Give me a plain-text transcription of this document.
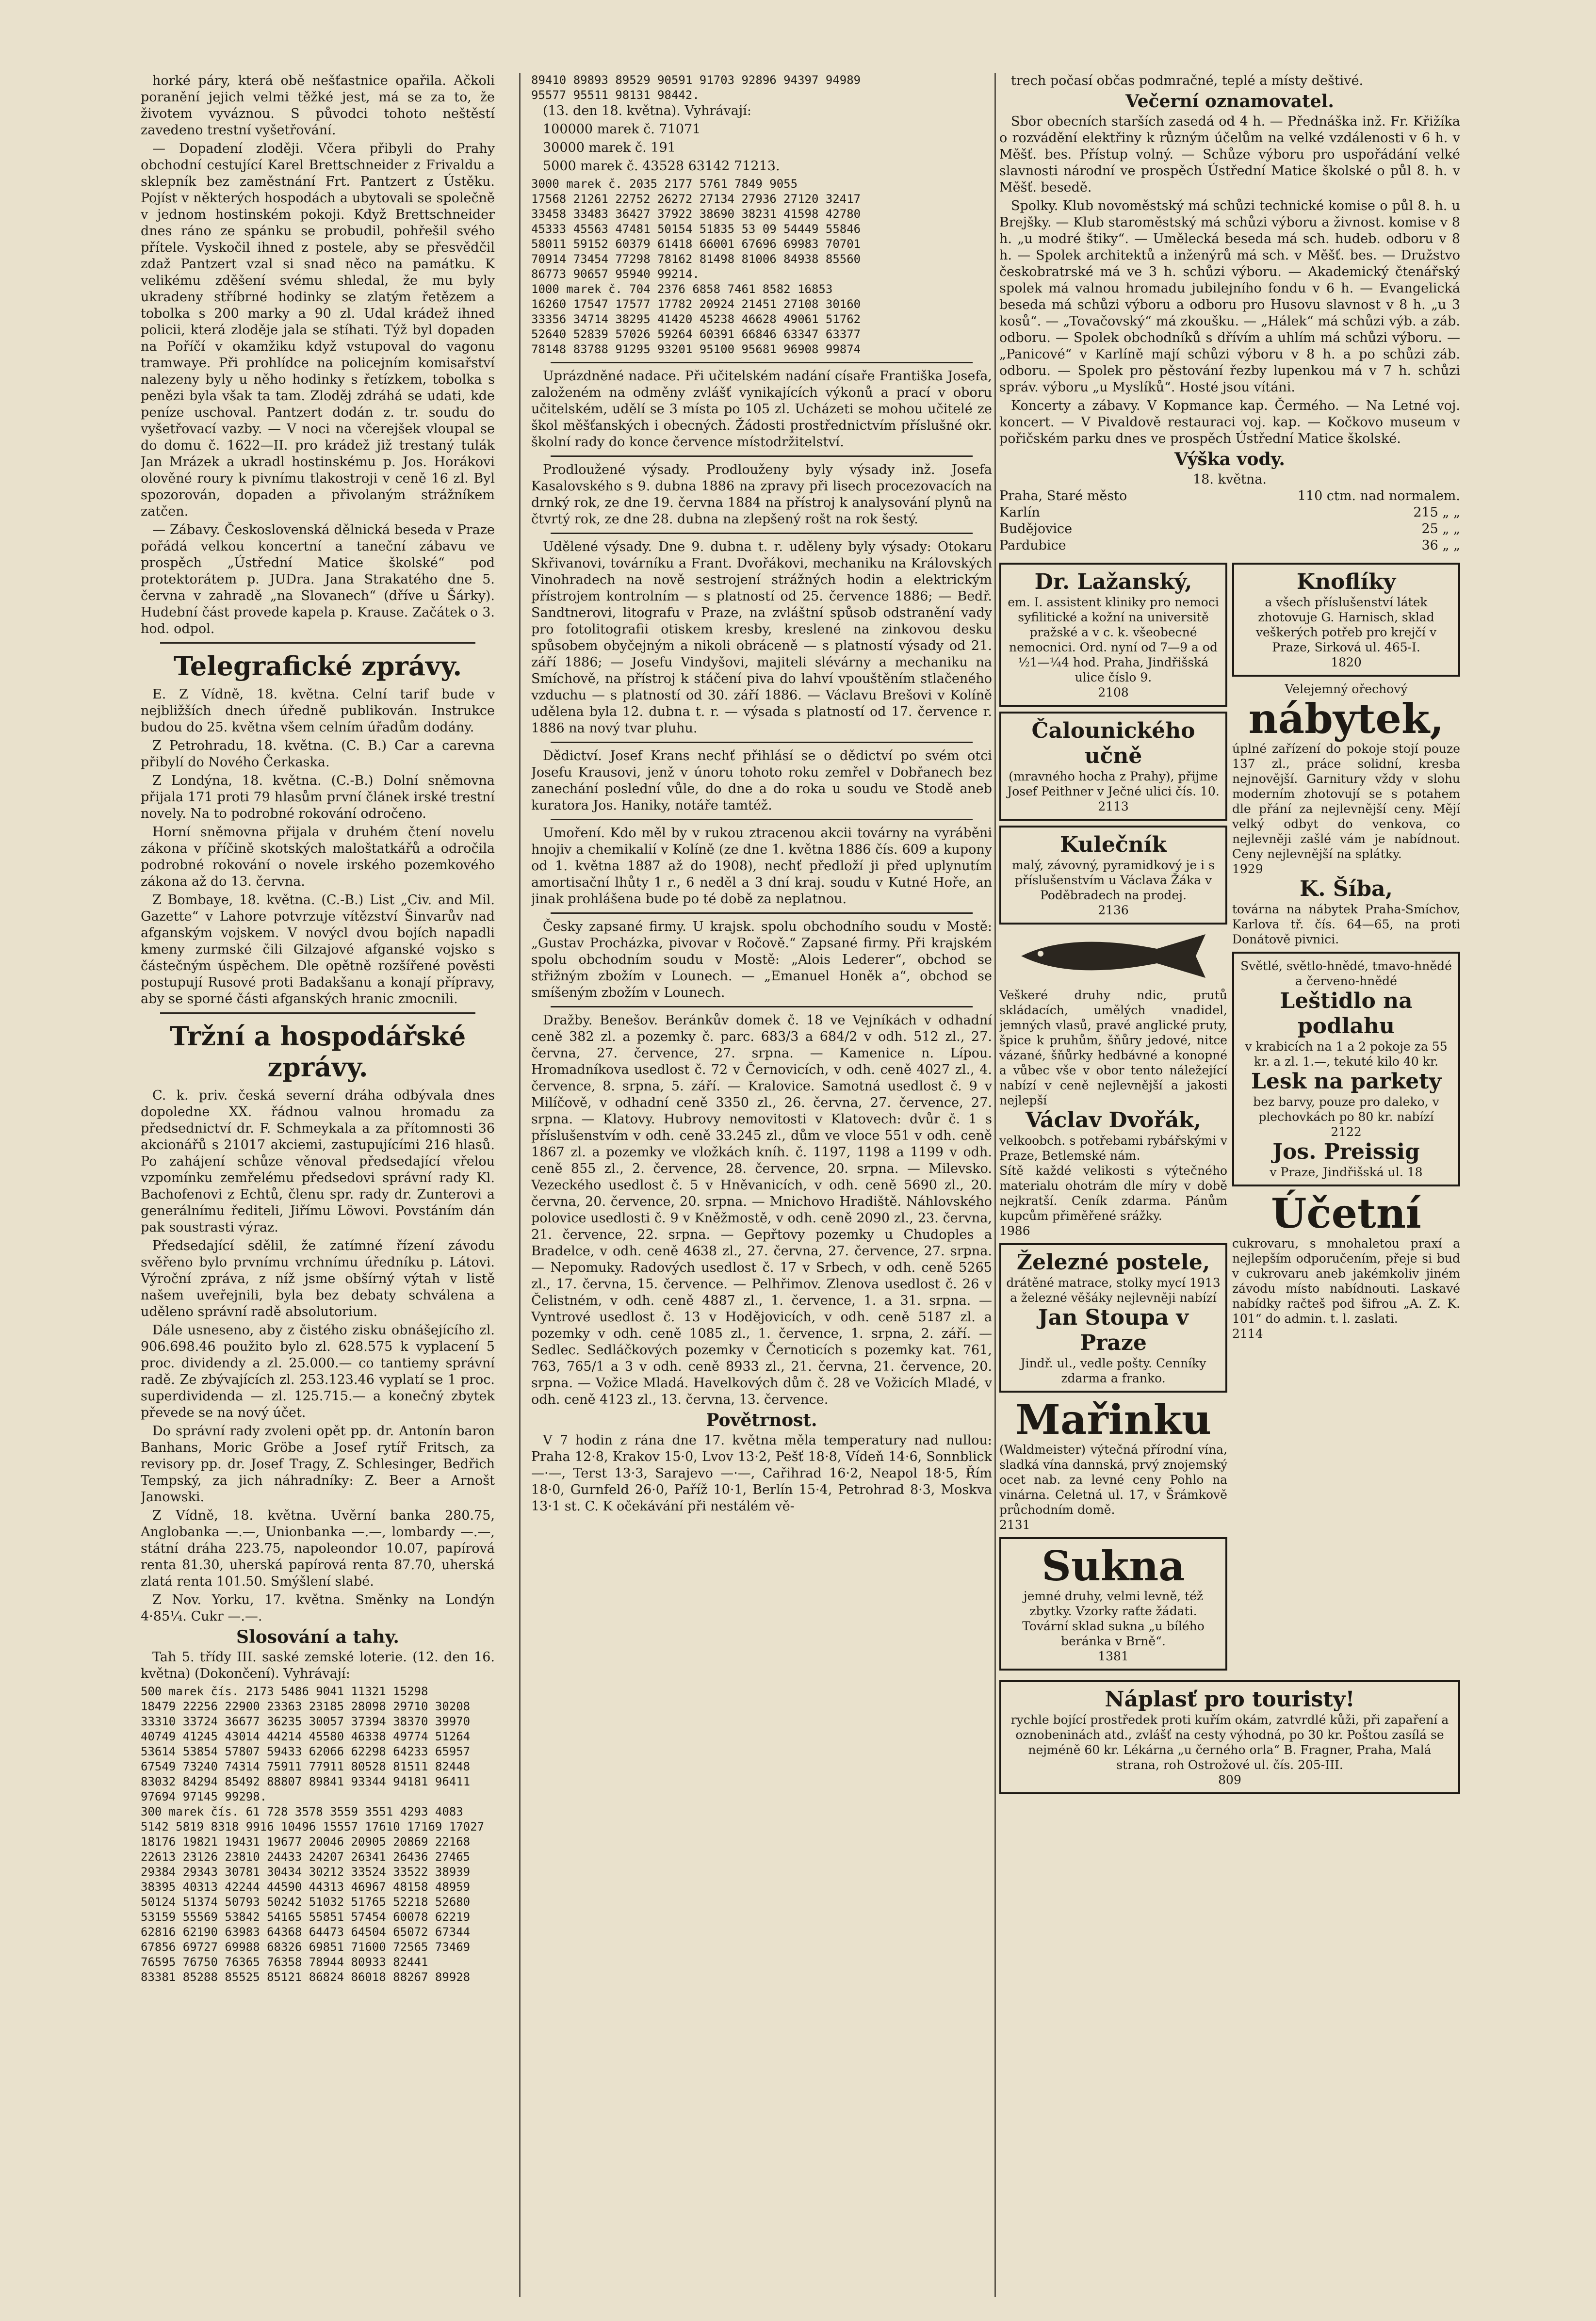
horké páry, která obě nešťastnice opařila. Ačkoli poranění jejich velmi těžké jest, má se za to, že životem vyváznou. S původci tohoto neštěstí zavedeno trestní vyšetřování.

— Dopadení zloději. Včera přibyli do Prahy obchodní cestující Karel Brettschneider z Frivaldu a sklepník bez zaměstnání Frt. Pantzert z Ústěku. Pojíst v některých hospodách a ubytovali se společně v jednom hostinském pokoji. Když Brettschneider dnes ráno ze spánku se probudil, pohřešil svého přítele. Vyskočil ihned z postele, aby se přesvědčil zdaž Pantzert vzal si snad něco na památku. K velikému zděšení svému shledal, že mu byly ukradeny stříbrné hodinky se zlatým řetězem a tobolka s 200 marky a 90 zl. Udal krádež ihned policii, která zloděje jala se stíhati. Týž byl dopaden na Poříčí v okamžiku když vstupoval do vagonu tramwaye. Při prohlídce na policejním komisařství nalezeny byly u něho hodinky s řetízkem, tobolka s penězi byla však ta tam. Zloděj zdráhá se udati, kde peníze uschoval. Pantzert dodán z. tr. soudu do vyšetřovací vazby. — V noci na včerejšek vloupal se do domu č. 1622—II. pro krádež již trestaný tulák Jan Mrázek a ukradl hostinskému p. Jos. Horákovi olověné roury k pivnímu tlakostroji v ceně 16 zl. Byl spozorován, dopaden a přivolaným strážníkem zatčen.

— Zábavy. Československá dělnická beseda v Praze pořádá velkou koncertní a taneční zábavu ve prospěch „Ústřední Matice školské“ pod protektorátem p. JUDra. Jana Strakatého dne 5. června v zahradě „na Slovanech“ (dříve u Šárky). Hudební část provede kapela p. Krause. Začátek o 3. hod. odpol.

Telegrafické zprávy.

E. Z Vídně, 18. května. Celní tarif bude v nejbližších dnech úředně publikován. Instrukce budou do 25. května všem celním úřadům dodány.

Z Petrohradu, 18. května. (C. B.) Car a carevna přibylí do Nového Čerkaska.

Z Londýna, 18. května. (C.-B.) Dolní sněmovna přijala 171 proti 79 hlasům první článek irské trestní novely. Na to podrobné rokování odročeno.

Horní sněmovna přijala v druhém čtení novelu zákona v příčině skotských maloštatkářů a odročila podrobné rokování o novele irského pozemkového zákona až do 13. června.

Z Bombaye, 18. května. (C.-B.) List „Civ. and Mil. Gazette“ v Lahore potvrzuje vítězství Šinvarův nad afganským vojskem. V novýcl dvou bojích napadli kmeny zurmské čili Gilzajové afganské vojsko s částečným úspěchem. Dle opětně rozšířené pověsti postupují Rusové proti Badakšanu a konají přípravy, aby se sporné části afganských hranic zmocnili.

Tržní a hospodářské zprávy.

C. k. priv. česká severní dráha odbývala dnes dopoledne XX. řádnou valnou hromadu za předsednictví dr. F. Schmeykala a za přítomnosti 36 akcionářů s 21017 akciemi, zastupujícími 216 hlasů. Po zahájení schůze věnoval předsedající vřelou vzpomínku zemřelému předsedovi správní rady Kl. Bachofenovi z Echtů, členu spr. rady dr. Zunterovi a generálnímu řediteli, Jiřímu Löwovi. Povstáním dán pak soustrasti výraz.

Předsedající sdělil, že zatímné řízení závodu svěřeno bylo prvnímu vrchnímu úředníku p. Látovi. Výroční zpráva, z níž jsme obšírný výtah v listě našem uveřejnili, byla bez debaty schválena a uděleno správní radě absolutorium.

Dále usneseno, aby z čistého zisku obnášejícího zl. 906.698.46 použito bylo zl. 628.575 k vyplacení 5 proc. dividendy a zl. 25.000.— co tantiemy správní radě. Ze zbývajících zl. 253.123.46 vyplatí se 1 proc. superdividenda — zl. 125.715.— a konečný zbytek převede se na nový účet.

Do správní rady zvoleni opět pp. dr. Antonín baron Banhans, Moric Gröbe a Josef rytíř Fritsch, za revisory pp. dr. Josef Tragy, Z. Schlesinger, Bedřich Tempský, za jich náhradníky: Z. Beer a Arnošt Janowski.

Z Vídně, 18. května. Uvěrní banka 280.75, Anglobanka —.—, Unionbanka —.—, lombardy —.—, státní dráha 223.75, napoleondor 10.07, papírová renta 81.30, uherská papírová renta 87.70, uherská zlatá renta 101.50. Smýšlení slabé.

Z Nov. Yorku, 17. května. Směnky na Londýn 4·85¼. Cukr —.—.

Slosování a tahy.

Tah 5. třídy III. saské zemské loterie. (12. den 16. května) (Dokončení). Vyhrávají:

500 marek čís. 2173 5486 9041 11321 15298
18479 22256 22900 23363 23185 28098 29710 30208
33310 33724 36677 36235 30057 37394 38370 39970
40749 41245 43014 44214 45580 46338 49774 51264
53614 53854 57807 59433 62066 62298 64233 65957
67549 73240 74314 75911 77911 80528 81511 82448
83032 84294 85492 88807 89841 93344 94181 96411
97694 97145 99298.
300 marek čís. 61 728 3578 3559 3551 4293 4083
5142 5819 8318 9916 10496 15557 17610 17169 17027
18176 19821 19431 19677 20046 20905 20869 22168
22613 23126 23810 24433 24207 26341 26436 27465
29384 29343 30781 30434 30212 33524 33522 38939
38395 40313 42244 44590 44313 46967 48158 48959
50124 51374 50793 50242 51032 51765 52218 52680
53159 55569 53842 54165 55851 57454 60078 62219
62816 62190 63983 64368 64473 64504 65072 67344
67856 69727 69988 68326 69851 71600 72565 73469
76595 76750 76365 76358 78944 80933 82441
83381 85288 85525 85121 86824 86018 88267 89928
89410 89893 89529 90591 91703 92896 94397 94989
95577 95511 98131 98442.

(13. den 18. května). Vyhrávají:

100000 marek č. 71071

30000 marek č. 191

5000 marek č. 43528 63142 71213.

3000 marek č. 2035 2177 5761 7849 9055
17568 21261 22752 26272 27134 27936 27120 32417
33458 33483 36427 37922 38690 38231 41598 42780
45333 45563 47481 50154 51835 53 09 54449 55846
58011 59152 60379 61418 66001 67696 69983 70701
70914 73454 77298 78162 81498 81006 84938 85560
86773 90657 95940 99214.
1000 marek č. 704 2376 6858 7461 8582 16853
16260 17547 17577 17782 20924 21451 27108 30160
33356 34714 38295 41420 45238 46628 49061 51762
52640 52839 57026 59264 60391 66846 63347 63377
78148 83788 91295 93201 95100 95681 96908 99874

Uprázdněné nadace. Při učitelském nadání císaře Františka Josefa, založeném na odměny zvlášť vynikajících výkonů a prací v oboru učitelském, udělí se 3 místa po 105 zl. Ucházeti se mohou učitelé ze škol měšťanských i obecných. Žádosti prostřednictvím příslušné okr. školní rady do konce července místodržitelství.

Prodloužené výsady. Prodlouženy byly výsady inž. Josefa Kasalovského s 9. dubna 1886 na zpravy při lisech procezovacích na drnký rok, ze dne 19. června 1884 na přístroj k analysování plynů na čtvrtý rok, ze dne 28. dubna na zlepšený rošt na rok šestý.

Udělené výsady. Dne 9. dubna t. r. uděleny byly výsady: Otokaru Skřivanovi, továrníku a Frant. Dvořákovi, mechaniku na Královských Vinohradech na nově sestrojení strážných hodin a elektrickým přístrojem kontrolním — s platností od 25. července 1886; — Bedř. Sandtnerovi, litografu v Praze, na zvláštní spůsob odstranění vady pro fotolitografii otiskem kresby, kreslené na zinkovou desku spůsobem obyčejným a nikoli obráceně — s platností výsady od 21. září 1886; — Josefu Vindyšovi, majiteli slévárny a mechaniku na Smíchově, na přístroj k stáčení piva do lahví vpouštěním stlačeného vzduchu — s platností od 30. září 1886. — Václavu Brešovi v Kolíně udělena byla 12. dubna t. r. — výsada s platností od 17. července r. 1886 na nový tvar pluhu.

Dědictví. Josef Krans nechť přihlásí se o dědictví po svém otci Josefu Krausovi, jenž v únoru tohoto roku zemřel v Dobřanech bez zanechání poslední vůle, do dne a do roka u soudu ve Stodě aneb kuratora Jos. Haniky, notáře tamtéž.

Umoření. Kdo měl by v rukou ztracenou akcii továrny na vyráběni hnojiv a chemikalií v Kolíně (ze dne 1. května 1886 čís. 609 a kupony od 1. května 1887 až do 1908), nechť předloží ji před uplynutím amortisační lhůty 1 r., 6 neděl a 3 dní kraj. soudu v Kutné Hoře, an jinak prohlášena bude po té době za neplatnou.

Česky zapsané firmy. U krajsk. spolu obchodního soudu v Mostě: „Gustav Procházka, pivovar v Ročově.“ Zapsané firmy. Při krajském spolu obchodním soudu v Mostě: „Alois Lederer“, obchod se střižným zbožím v Lounech. — „Emanuel Honěk a“, obchod se smíšeným zbožím v Lounech.

Dražby. Benešov. Beránkův domek č. 18 ve Vejníkách v odhadní ceně 382 zl. a pozemky č. parc. 683/3 a 684/2 v odh. 512 zl., 27. června, 27. července, 27. srpna. — Kamenice n. Lípou. Hromadníkova usedlost č. 72 v Černovicích, v odh. ceně 4027 zl., 4. července, 8. srpna, 5. září. — Kralovice. Samotná usedlost č. 9 v Milíčově, v odhadní ceně 3350 zl., 26. června, 27. července, 27. srpna. — Klatovy. Hubrovy nemovitosti v Klatovech: dvůr č. 1 s příslušenstvím v odh. ceně 33.245 zl., dům ve vloce 551 v odh. ceně 1867 zl. a pozemky ve vložkách kníh. č. 1197, 1198 a 1199 v odh. ceně 855 zl., 2. července, 28. července, 20. srpna. — Milevsko. Vezeckého usedlost č. 5 v Hněvanicích, v odh. ceně 5690 zl., 20. června, 20. července, 20. srpna. — Mnichovo Hradiště. Náhlovského polovice usedlosti č. 9 v Kněžmostě, v odh. ceně 2090 zl., 23. června, 21. července, 22. srpna. — Gepřtovy pozemky u Chudoples a Bradelce, v odh. ceně 4638 zl., 27. června, 27. července, 27. srpna. — Nepomuky. Radových usedlost č. 17 v Srbech, v odh. ceně 5265 zl., 17. června, 15. července. — Pelhřimov. Zlenova usedlost č. 26 v Čelistném, v odh. ceně 4887 zl., 1. července, 1. a 31. srpna. — Vyntrové usedlost č. 13 v Hodějovicích, v odh. ceně 5187 zl. a pozemky v odh. ceně 1085 zl., 1. července, 1. srpna, 2. září. — Sedlec. Sedláčkových pozemky v Černoticích s pozemky kat. 761, 763, 765/1 a 3 v odh. ceně 8933 zl., 21. června, 21. července, 20. srpna. — Vožice Mladá. Havelkových dům č. 28 ve Vožicích Mladé, v odh. ceně 4123 zl., 13. června, 13. července.

Povětrnost.

V 7 hodin z rána dne 17. května měla temperatury nad nullou: Praha 12·8, Krakov 15·0, Lvov 13·2, Pešť 18·8, Vídeň 14·6, Sonnblick —·—, Terst 13·3, Sarajevo —·—, Cařihrad 16·2, Neapol 18·5, Řím 18·0, Gurnfeld 26·0, Paříž 10·1, Berlín 15·4, Petrohrad 8·3, Moskva 13·1 st. C. K očekávání při nestálém vě-

trech počasí občas podmračné, teplé a místy deštivé.

Večerní oznamovatel.

Sbor obecních starších zasedá od 4 h. — Přednáška inž. Fr. Křižíka o rozvádění elektřiny k různým účelům na velké vzdálenosti v 6 h. v Měšť. bes. Přístup volný. — Schůze výboru pro uspořádání velké slavnosti národní ve prospěch Ústřední Matice školské o půl 8. h. v Měšť. besedě.

Spolky. Klub novoměstský má schůzi technické komise o půl 8. h. u Brejšky. — Klub staroměstský má schůzi výboru a živnost. komise v 8 h. „u modré štiky“. — Umělecká beseda má sch. hudeb. odboru v 8 h. — Spolek architektů a inženýrů má sch. v Měšť. bes. — Družstvo českobratrské má ve 3 h. schůzi výboru. — Akademický čtenářský spolek má valnou hromadu jubilejního fondu v 6 h. — Evangelická beseda má schůzi výboru a odboru pro Husovu slavnost v 8 h. „u 3 kosů“. — „Tovačovský“ má zkoušku. — „Hálek“ má schůzi výb. a záb. odboru. — Spolek obchodníků s dřívím a uhlím má schůzi výboru. — „Panicové“ v Karlíně mají schůzi výboru v 8 h. a po schůzi záb. odboru. — Spolek pro pěstování řezby lupenkou má v 7 h. schůzi správ. výboru „u Myslíků“. Hosté jsou vítáni.

Koncerty a zábavy. V Kopmance kap. Čermého. — Na Letné voj. koncert. — V Pivaldově restauraci voj. kap. — Kočkovo museum v pořičském parku dnes ve prospěch Ústřední Matice školské.

Výška vody.
18. května.
Praha, Staré město	110 ctm. nad normalem.
Karlín	215 „ „
Budějovice	25 „ „
Pardubice	36 „ „
Dr. Lažanský,
em. I. assistent kliniky pro nemoci syfilitické a kožní na universitě pražské a v c. k. všeobecné nemocnici. Ord. nyní od 7—9 a od ½1—¼4 hod. Praha, Jindřišská ulice číslo 9.
2108
Čalounického učně
(mravného hocha z Prahy), přijme Josef Peithner v Ječné ulici čís. 10.
2113
Kulečník
malý, závovný, pyramidkový je i s příslušenstvím u Václava Žáka v Poděbradech na prodej.
2136
Veškeré druhy ndic, prutů skládacích, umělých vnadidel, jemných vlasů, pravé anglické pruty, špice k pruhům, šňůry jedové, nitce vázané, šňůrky hedbávné a konopné a vůbec vše v obor tento náležející nabízí v ceně nejlevnější a jakosti nejlepší
Václav Dvořák,
velkoobch. s potřebami rybářskými v Praze, Betlemské nám.
Sítě každé velikosti s výtečného materialu ohotrám dle míry v době nejkratší. Ceník zdarma. Pánům kupcům přiměřené srážky.
1986
Železné postele,
drátěné matrace, stolky mycí 1913 a železné věšáky nejlevněji nabízí
Jan Stoupa v Praze
Jindř. ul., vedle pošty. Cenníky zdarma a franko.
Mařinku
(Waldmeister) výtečná přírodní vína, sladká vína dannská, prvý znojemský ocet nab. za levné ceny Pohlo na vinárna. Celetná ul. 17, v Šrámkově průchodním domě.
2131
Sukna
jemné druhy, velmi levně, též zbytky. Vzorky raťte žádati.
Tovární sklad sukna „u bílého beránka v Brně“.
1381
Knoflíky
a všech příslušenství látek zhotovuje G. Harnisch, sklad veškerých potřeb pro krejčí v Praze, Sirková ul. 465-I.
1820
Velejemný ořechový
nábytek,
úplné zařízení do pokoje stojí pouze 137 zl., práce solidní, kresba nejnovější. Garnitury vždy v slohu moderním zhotovují se s potahem dle přání za nejlevnější ceny. Mějí velký odbyt do venkova, co nejlevněji zašlé vám je nabídnout. Ceny nejlevnější na splátky.
1929
K. Šíba,
továrna na nábytek Praha-Smíchov, Karlova tř. čís. 64—65, na proti Donátově pivnici.
Světlé, světlo-hnědé, tmavo-hnědé a červeno-hnědé
Leštidlo na podlahu
v krabicích na 1 a 2 pokoje za 55 kr. a zl. 1.—, tekuté kilo 40 kr.
Lesk na parkety
bez barvy, pouze pro daleko, v plechovkách po 80 kr. nabízí
2122
Jos. Preissig
v Praze, Jindřišská ul. 18
Účetní
cukrovaru, s mnohaletou praxí a nejlepším odporučením, přeje si buď v cukrovaru aneb jakémkoliv jiném závodu místo nabídnouti. Laskavé nabídky račteš pod šifrou „A. Z. K. 101“ do admin. t. l. zaslati.
2114
Náplasť pro touristy!
rychle bojící prostředek proti kuřím okám, zatvrdlé kůži, při zapaření a oznobeninách atd., zvlášť na cesty výhodná, po 30 kr. Poštou zasílá se nejméně 60 kr. Lékárna „u černého orla“ B. Fragner, Praha, Malá strana, roh Ostrožové ul. čís. 205-III.
809
